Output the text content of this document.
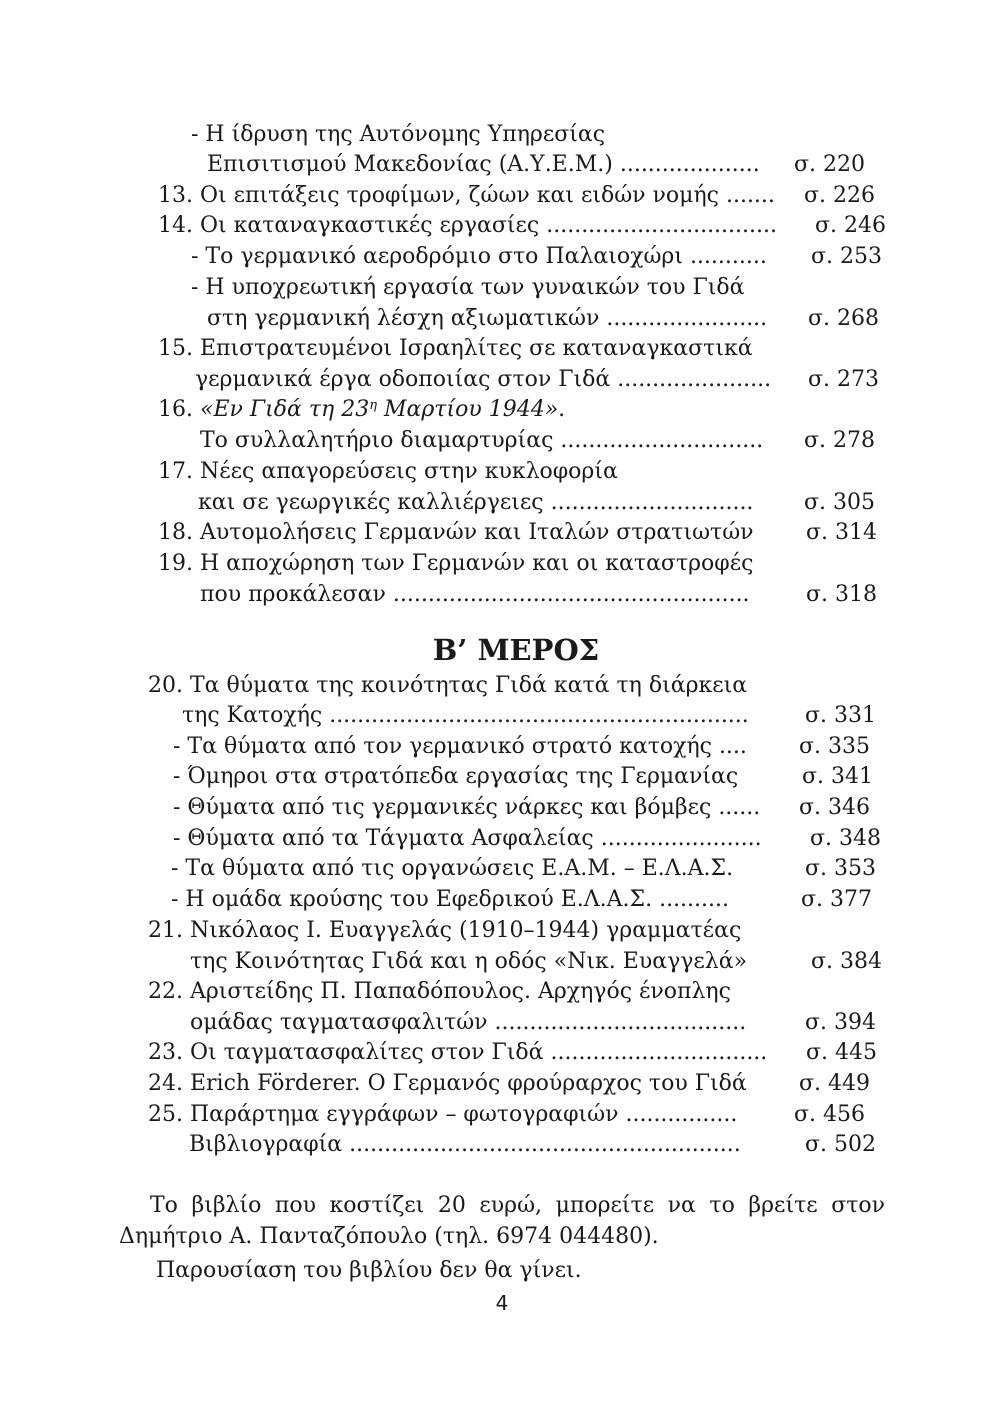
- Η ίδρυση της Αυτόνομης Υπηρεσίας
Επισιτισμού Μακεδονίας (Α.Υ.Ε.Μ.) .................... σ. 220
13. Οι επιτάξεις τροφίμων, ζώων και ειδών νομής ....... σ. 226
14. Οι καταναγκαστικές εργασίες ................................. σ. 246
- Το γερμανικό αεροδρόμιο στο Παλαιοχώρι ........... σ. 253
- Η υποχρεωτική εργασία των γυναικών του Γιδά
στη γερμανική λέσχη αξιωματικών ....................... σ. 268
15. Επιστρατευμένοι Ισραηλίτες σε καταναγκαστικά
γερμανικά έργα οδοποιίας στον Γιδά ...................... σ. 273
16. «Εν Γιδά τη $23^\eta$ Μαρτίου 1944».
Το συλλαλητήριο διαμαρτυρίας ............................. σ. 278
17. Νέες απαγορεύσεις στην κυκλοφορία
και σε γεωργικές καλλιέργειες ............................. σ. 305
18. Αυτομολήσεις Γερμανών και Ιταλών στρατιωτών σ. 314
19. Η αποχώρηση των Γερμανών και οι καταστροφές
που προκάλεσαν ...................................................	σ. 318
Β’ ΜΕΡΟΣ
20. Τα θύματα της κοινότητας Γιδά κατά τη διάρκεια
της Κατοχής ............................................................	σ. 331
- Τα θύματα από τον γερμανικό στρατό κατοχής .... σ. 335
- Όμηροι στα στρατόπεδα εργασίας της Γερμανίας	σ. 341
- Θύματα από τις γερμανικές νάρκες και βόμβες ...... σ. 346
- Θύματα από τα Τάγματα Ασφαλείας ....................... σ. 348
- Τα θύματα από τις οργανώσεις Ε.Α.Μ. – Ε.Λ.Α.Σ.	σ. 353
- Η ομάδα κρούσης του Εφεδρικού Ε.Λ.Α.Σ. ..........	σ. 377
21. Νικόλαος Ι. Ευαγγελάς (1910–1944) γραμματέας
της Κοινότητας Γιδά και η οδός «Νικ. Ευαγγελά»	σ. 384
22. Αριστείδης Π. Παπαδόπουλος. Αρχηγός ένοπλης
ομάδας ταγματασφαλιτών ....................................	σ. 394
23. Οι ταγματασφαλίτες στον Γιδά ............................... σ. 445
24. Erich Förderer. Ο Γερμανός φρούραρχος του Γιδά σ. 449
25. Παράρτημα εγγράφων – φωτογραφιών ................	σ. 456
Βιβλιογραφία ........................................................	σ. 502
Το βιβλίο που κοστίζει 20 ευρώ, μπορείτε να το βρείτε στον
Δημήτριο Α. Πανταζόπουλο (τηλ. 6974 044480).
Παρουσίαση του βιβλίου δεν θα γίνει.
4
